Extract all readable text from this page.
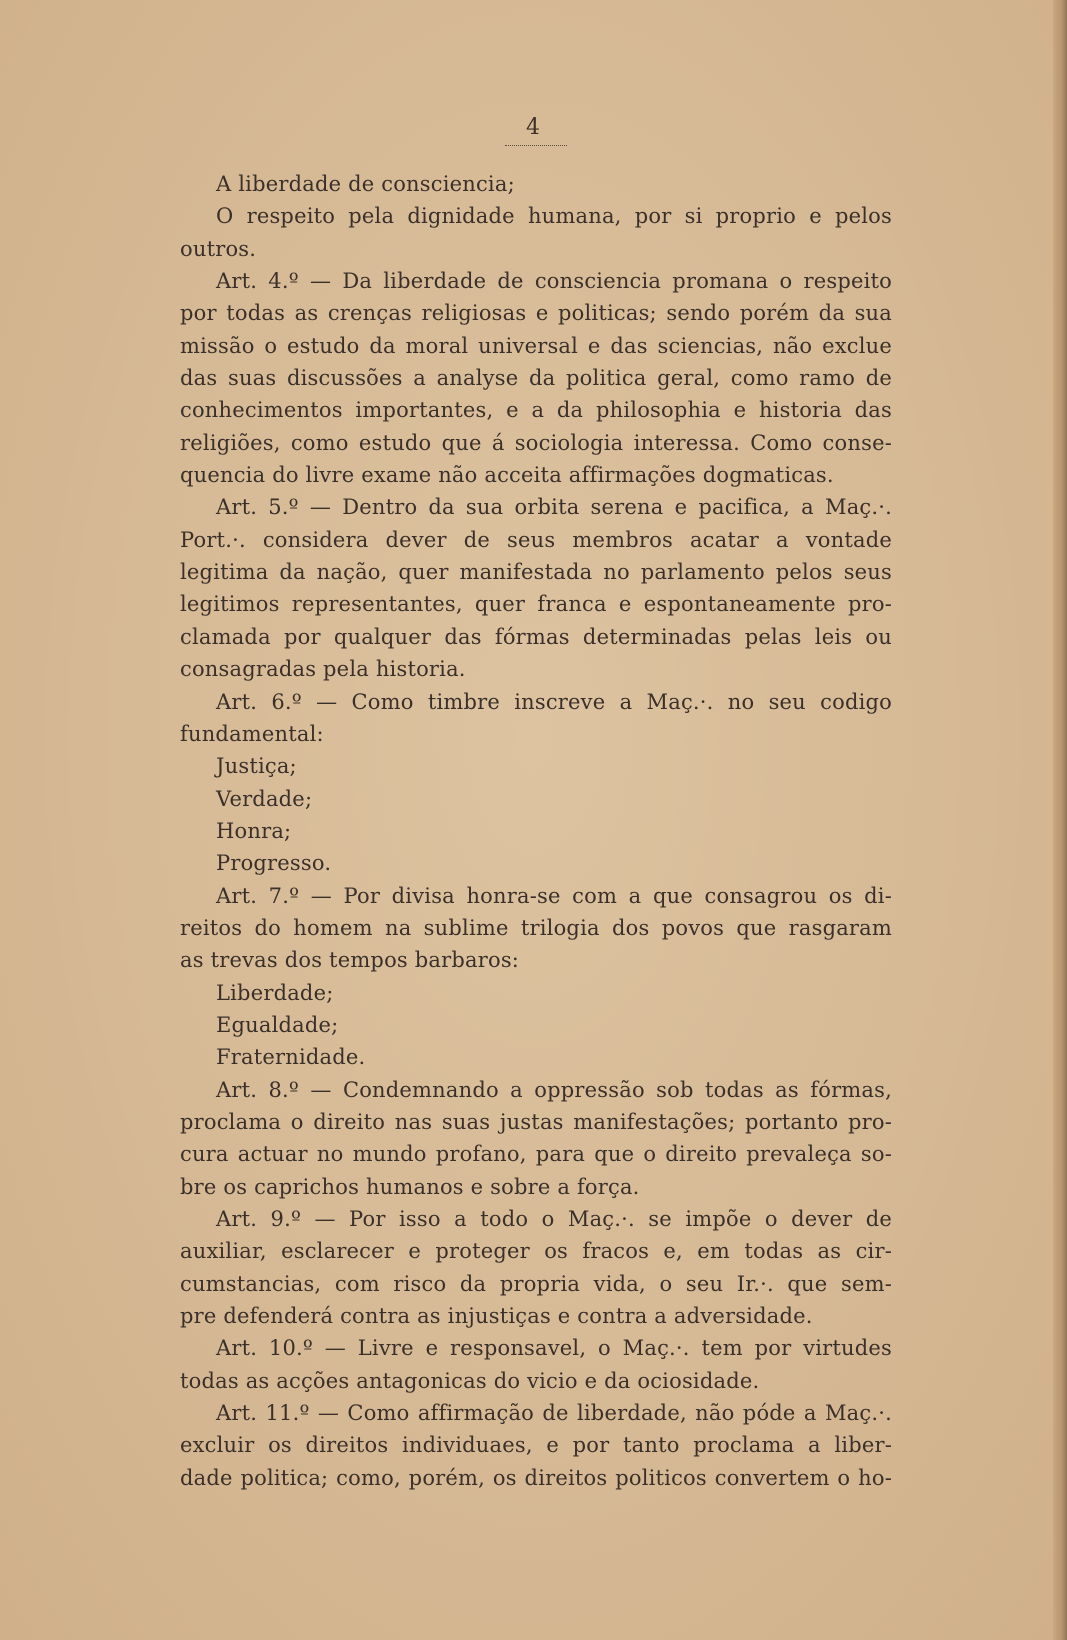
4
A liberdade de consciencia;
O respeito pela dignidade humana, por si proprio e pelos
outros.
Art. 4.º — Da liberdade de consciencia promana o respeito
por todas as crenças religiosas e politicas; sendo porém da sua
missão o estudo da moral universal e das sciencias, não exclue
das suas discussões a analyse da politica geral, como ramo de
conhecimentos importantes, e a da philosophia e historia das
religiões, como estudo que á sociologia interessa. Como conse-
quencia do livre exame não acceita affirmações dogmaticas.
Art. 5.º — Dentro da sua orbita serena e pacifica, a Maç.·.
Port.·. considera dever de seus membros acatar a vontade
legitima da nação, quer manifestada no parlamento pelos seus
legitimos representantes, quer franca e espontaneamente pro-
clamada por qualquer das fórmas determinadas pelas leis ou
consagradas pela historia.
Art. 6.º — Como timbre inscreve a Maç.·. no seu codigo
fundamental:
Justiça;
Verdade;
Honra;
Progresso.
Art. 7.º — Por divisa honra-se com a que consagrou os di-
reitos do homem na sublime trilogia dos povos que rasgaram
as trevas dos tempos barbaros:
Liberdade;
Egualdade;
Fraternidade.
Art. 8.º — Condemnando a oppressão sob todas as fórmas,
proclama o direito nas suas justas manifestações; portanto pro-
cura actuar no mundo profano, para que o direito prevaleça so-
bre os caprichos humanos e sobre a força.
Art. 9.º — Por isso a todo o Maç.·. se impõe o dever de
auxiliar, esclarecer e proteger os fracos e, em todas as cir-
cumstancias, com risco da propria vida, o seu Ir.·. que sem-
pre defenderá contra as injustiças e contra a adversidade.
Art. 10.º — Livre e responsavel, o Maç.·. tem por virtudes
todas as acções antagonicas do vicio e da ociosidade.
Art. 11.º — Como affirmação de liberdade, não póde a Maç.·.
excluir os direitos individuaes, e por tanto proclama a liber-
dade politica; como, porém, os direitos politicos convertem o ho-
